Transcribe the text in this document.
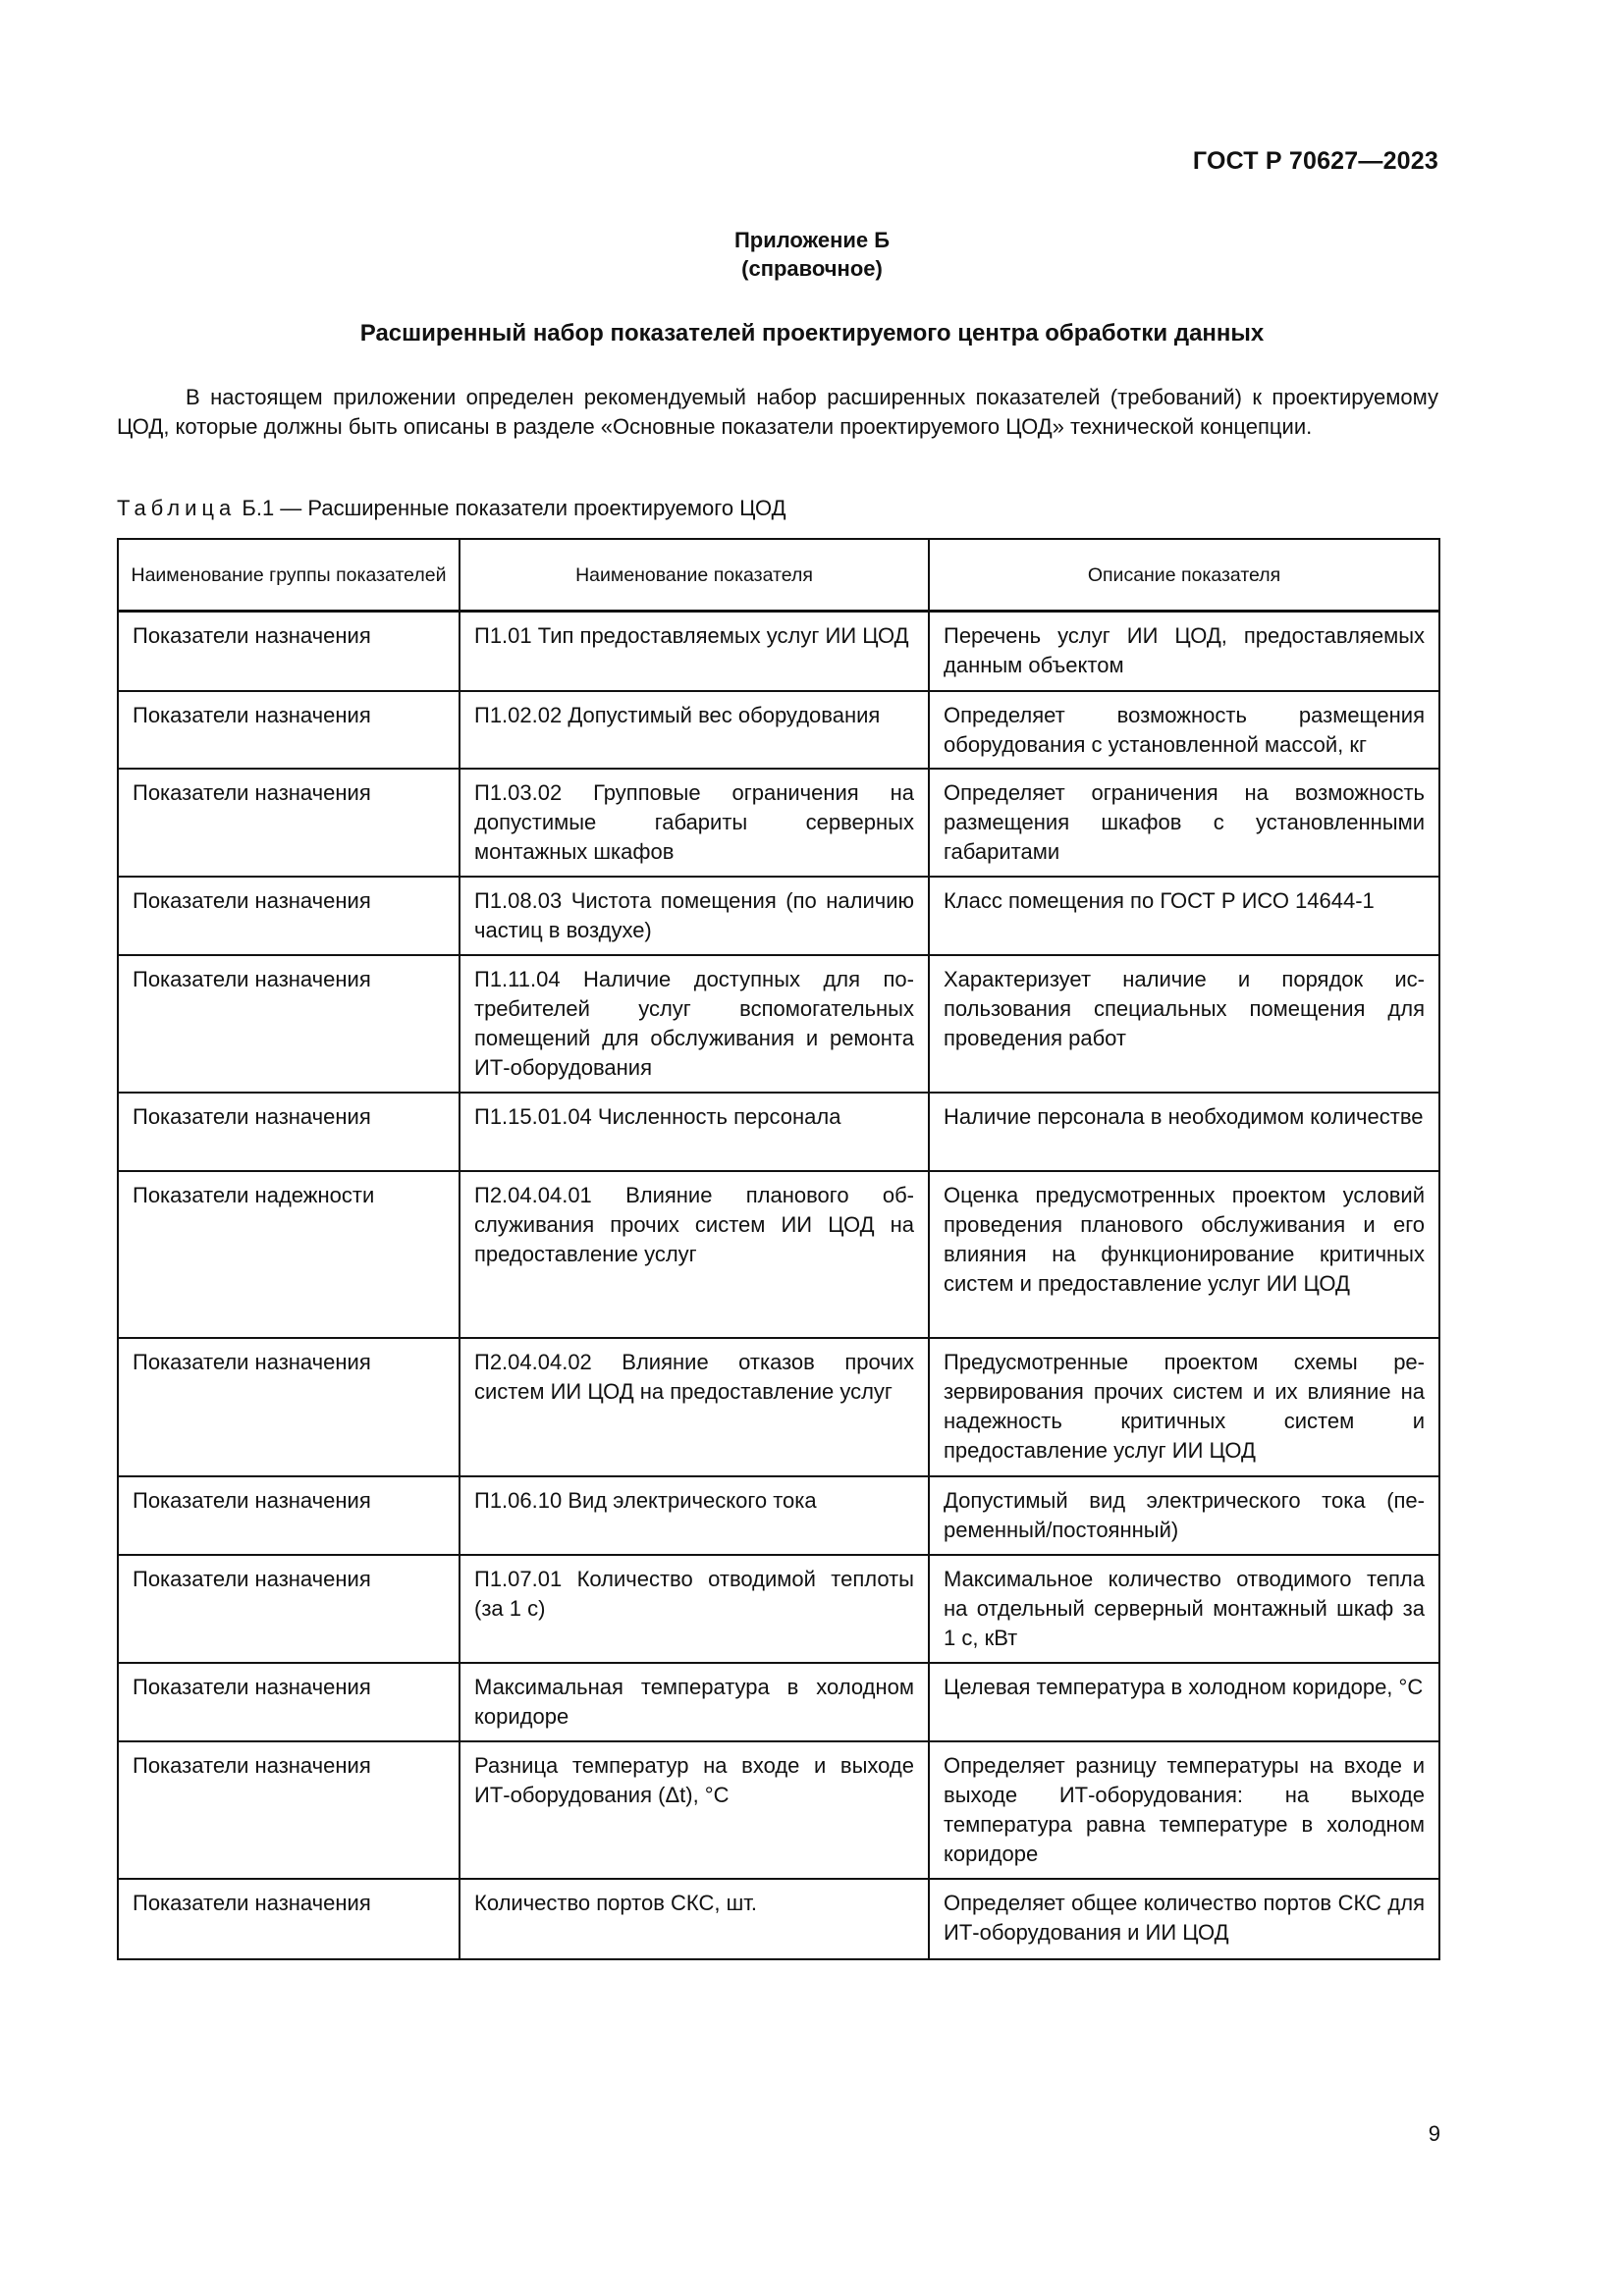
ГОСТ Р 70627—2023
Приложение Б
(справочное)
Расширенный набор показателей проектируемого центра обработки данных

В настоящем приложении определен рекомендуемый набор расширенных показателей (требований) к проектируемому ЦОД, которые должны быть описаны в разделе «Основные показатели проектируемого ЦОД» технической концепции.

Таблица Б.1 — Расширенные показатели проектируемого ЦОД
Наименование группы показателей	Наименование показателя	Описание показателя
Показатели назначения	П1.01 Тип предоставляемых услуг ИИ ЦОД	Перечень услуг ИИ ЦОД, предоставляемых данным объектом
Показатели назначения	П1.02.02 Допустимый вес оборудования	Определяет возможность размещения оборудования с установленной массой, кг
Показатели назначения	П1.03.02 Групповые ограничения на допустимые габариты серверных монтажных шкафов	Определяет ограничения на возможность размещения шкафов с установленными габаритами
Показатели назначения	П1.08.03 Чистота помещения (по наличию частиц в воздухе)	Класс помещения по ГОСТ Р ИСО 14644-1
Показатели назначения	П1.11.04 Наличие доступных для потребителей услуг вспомогательных помещений для обслуживания и ремонта ИТ-оборудования	Характеризует наличие и порядок использования специальных помещения для проведения работ
Показатели назначения	П1.15.01.04 Численность персонала	Наличие персонала в необходимом количестве
Показатели надежности	П2.04.04.01 Влияние планового обслуживания прочих систем ИИ ЦОД на предоставление услуг	Оценка предусмотренных проектом условий проведения планового обслуживания и его влияния на функционирование критичных систем и предоставление услуг ИИ ЦОД
Показатели назначения	П2.04.04.02 Влияние отказов прочих систем ИИ ЦОД на предоставление услуг	Предусмотренные проектом схемы резервирования прочих систем и их влияние на надежность критичных систем и предоставление услуг ИИ ЦОД
Показатели назначения	П1.06.10 Вид электрического тока	Допустимый вид электрического тока (переменный/постоянный)
Показатели назначения	П1.07.01 Количество отводимой теплоты (за 1 с)	Максимальное количество отводимого тепла на отдельный серверный монтажный шкаф за 1 с, кВт
Показатели назначения	Максимальная температура в холодном коридоре	Целевая температура в холодном коридоре, °С
Показатели назначения	Разница температур на входе и выходе ИТ-оборудования (Δt), °С	Определяет разницу температуры на входе и выходе ИТ-оборудования: на выходе температура равна температуре в холодном коридоре
Показатели назначения	Количество портов СКС, шт.	Определяет общее количество портов СКС для ИТ-оборудования и ИИ ЦОД
9
